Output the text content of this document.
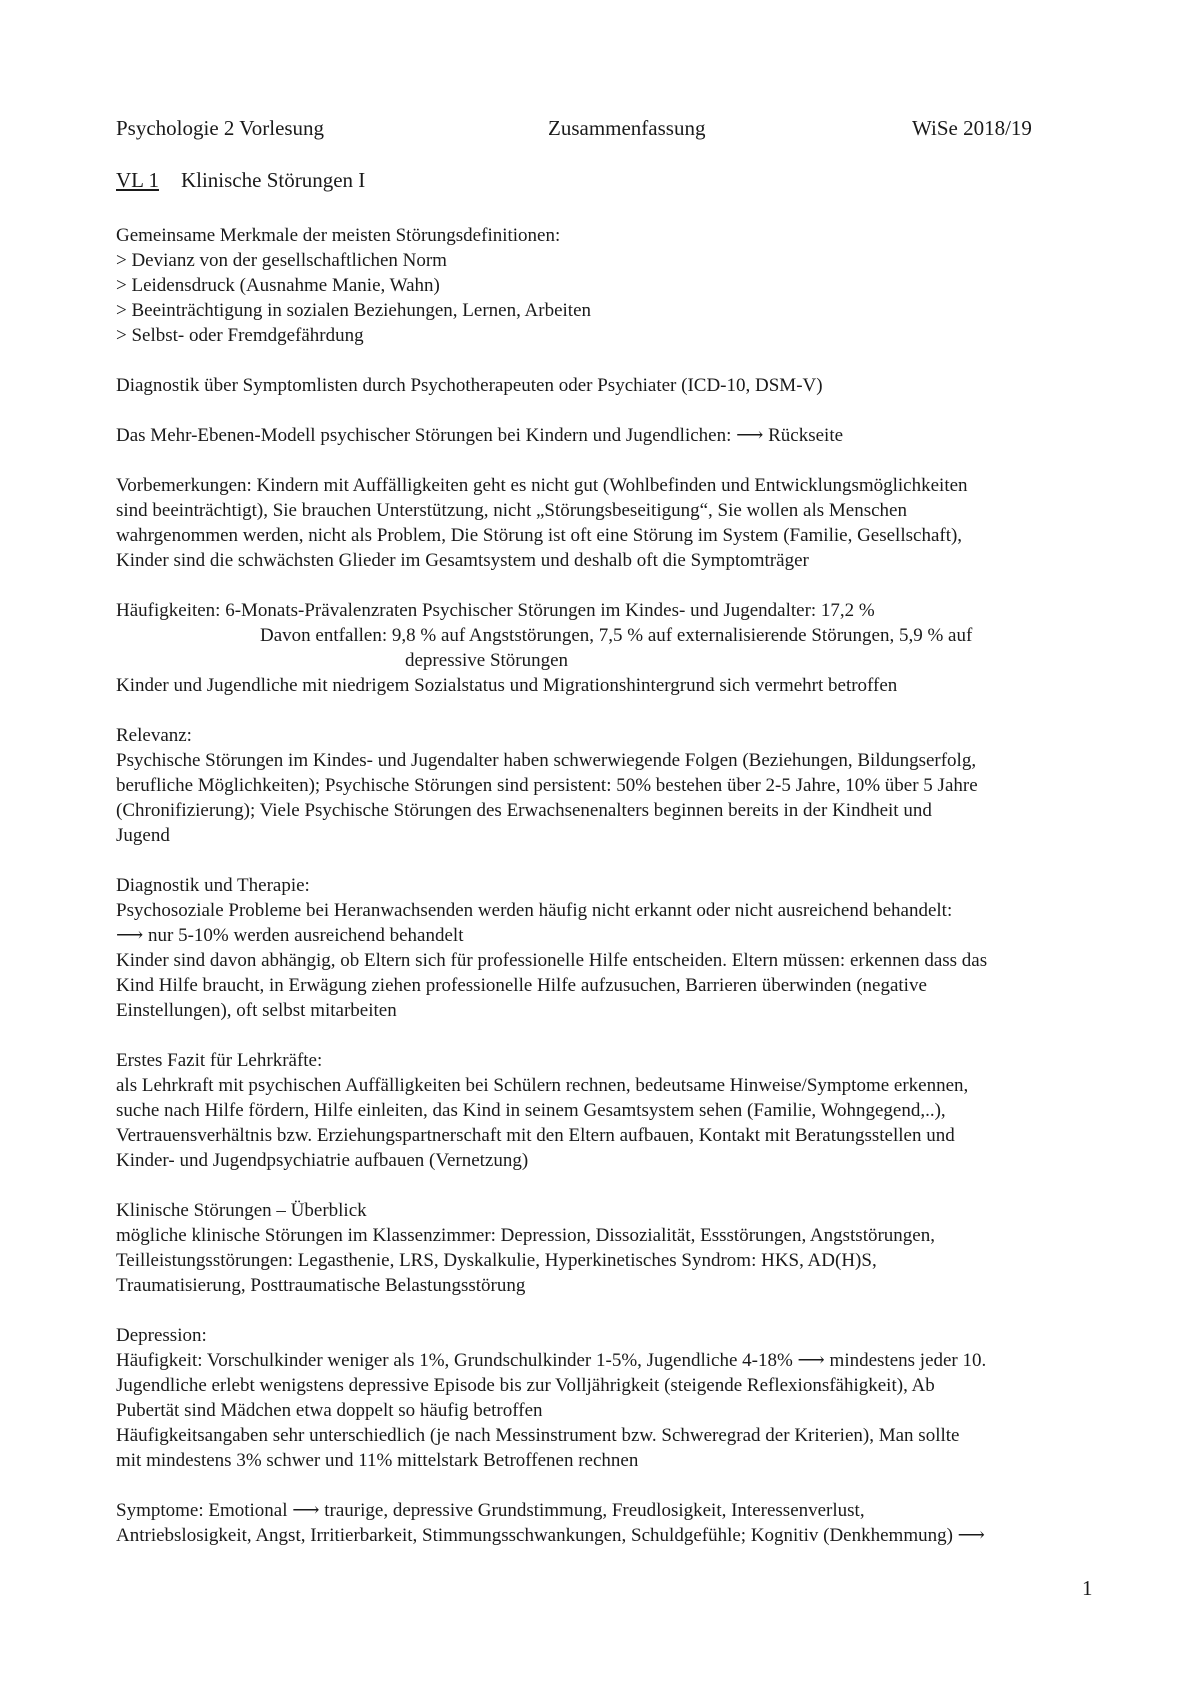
Psychologie 2 Vorlesung	Zusammenfassung	WiSe 2018/19
VL 1 Klinische Störungen I
Gemeinsame Merkmale der meisten Störungsdefinitionen:
> Devianz von der gesellschaftlichen Norm
> Leidensdruck (Ausnahme Manie, Wahn)
> Beeinträchtigung in sozialen Beziehungen, Lernen, Arbeiten
> Selbst- oder Fremdgefährdung
Diagnostik über Symptomlisten durch Psychotherapeuten oder Psychiater (ICD-10, DSM-V)
Das Mehr-Ebenen-Modell psychischer Störungen bei Kindern und Jugendlichen: ⟶ Rückseite
Vorbemerkungen: Kindern mit Auffälligkeiten geht es nicht gut (Wohlbefinden und Entwicklungsmöglichkeiten
sind beeinträchtigt), Sie brauchen Unterstützung, nicht „Störungsbeseitigung“, Sie wollen als Menschen
wahrgenommen werden, nicht als Problem, Die Störung ist oft eine Störung im System (Familie, Gesellschaft),
Kinder sind die schwächsten Glieder im Gesamtsystem und deshalb oft die Symptomträger
Häufigkeiten: 6-Monats-Prävalenzraten Psychischer Störungen im Kindes- und Jugendalter: 17,2 %
Davon entfallen: 9,8 % auf Angststörungen, 7,5 % auf externalisierende Störungen, 5,9 % auf
depressive Störungen
Kinder und Jugendliche mit niedrigem Sozialstatus und Migrationshintergrund sich vermehrt betroffen
Relevanz:
Psychische Störungen im Kindes- und Jugendalter haben schwerwiegende Folgen (Beziehungen, Bildungserfolg,
berufliche Möglichkeiten); Psychische Störungen sind persistent: 50% bestehen über 2-5 Jahre, 10% über 5 Jahre
(Chronifizierung); Viele Psychische Störungen des Erwachsenenalters beginnen bereits in der Kindheit und
Jugend
Diagnostik und Therapie:
Psychosoziale Probleme bei Heranwachsenden werden häufig nicht erkannt oder nicht ausreichend behandelt:
⟶ nur 5-10% werden ausreichend behandelt
Kinder sind davon abhängig, ob Eltern sich für professionelle Hilfe entscheiden. Eltern müssen: erkennen dass das
Kind Hilfe braucht, in Erwägung ziehen professionelle Hilfe aufzusuchen, Barrieren überwinden (negative
Einstellungen), oft selbst mitarbeiten
Erstes Fazit für Lehrkräfte:
als Lehrkraft mit psychischen Auffälligkeiten bei Schülern rechnen, bedeutsame Hinweise/Symptome erkennen,
suche nach Hilfe fördern, Hilfe einleiten, das Kind in seinem Gesamtsystem sehen (Familie, Wohngegend,..),
Vertrauensverhältnis bzw. Erziehungspartnerschaft mit den Eltern aufbauen, Kontakt mit Beratungsstellen und
Kinder- und Jugendpsychiatrie aufbauen (Vernetzung)
Klinische Störungen – Überblick
mögliche klinische Störungen im Klassenzimmer: Depression, Dissozialität, Essstörungen, Angststörungen,
Teilleistungsstörungen: Legasthenie, LRS, Dyskalkulie, Hyperkinetisches Syndrom: HKS, AD(H)S,
Traumatisierung, Posttraumatische Belastungsstörung
Depression:
Häufigkeit: Vorschulkinder weniger als 1%, Grundschulkinder 1-5%, Jugendliche 4-18% ⟶ mindestens jeder 10.
Jugendliche erlebt wenigstens depressive Episode bis zur Volljährigkeit (steigende Reflexionsfähigkeit), Ab
Pubertät sind Mädchen etwa doppelt so häufig betroffen
Häufigkeitsangaben sehr unterschiedlich (je nach Messinstrument bzw. Schweregrad der Kriterien), Man sollte
mit mindestens 3% schwer und 11% mittelstark Betroffenen rechnen
Symptome: Emotional ⟶ traurige, depressive Grundstimmung, Freudlosigkeit, Interessenverlust,
Antriebslosigkeit, Angst, Irritierbarkeit, Stimmungsschwankungen, Schuldgefühle; Kognitiv (Denkhemmung) ⟶
1
